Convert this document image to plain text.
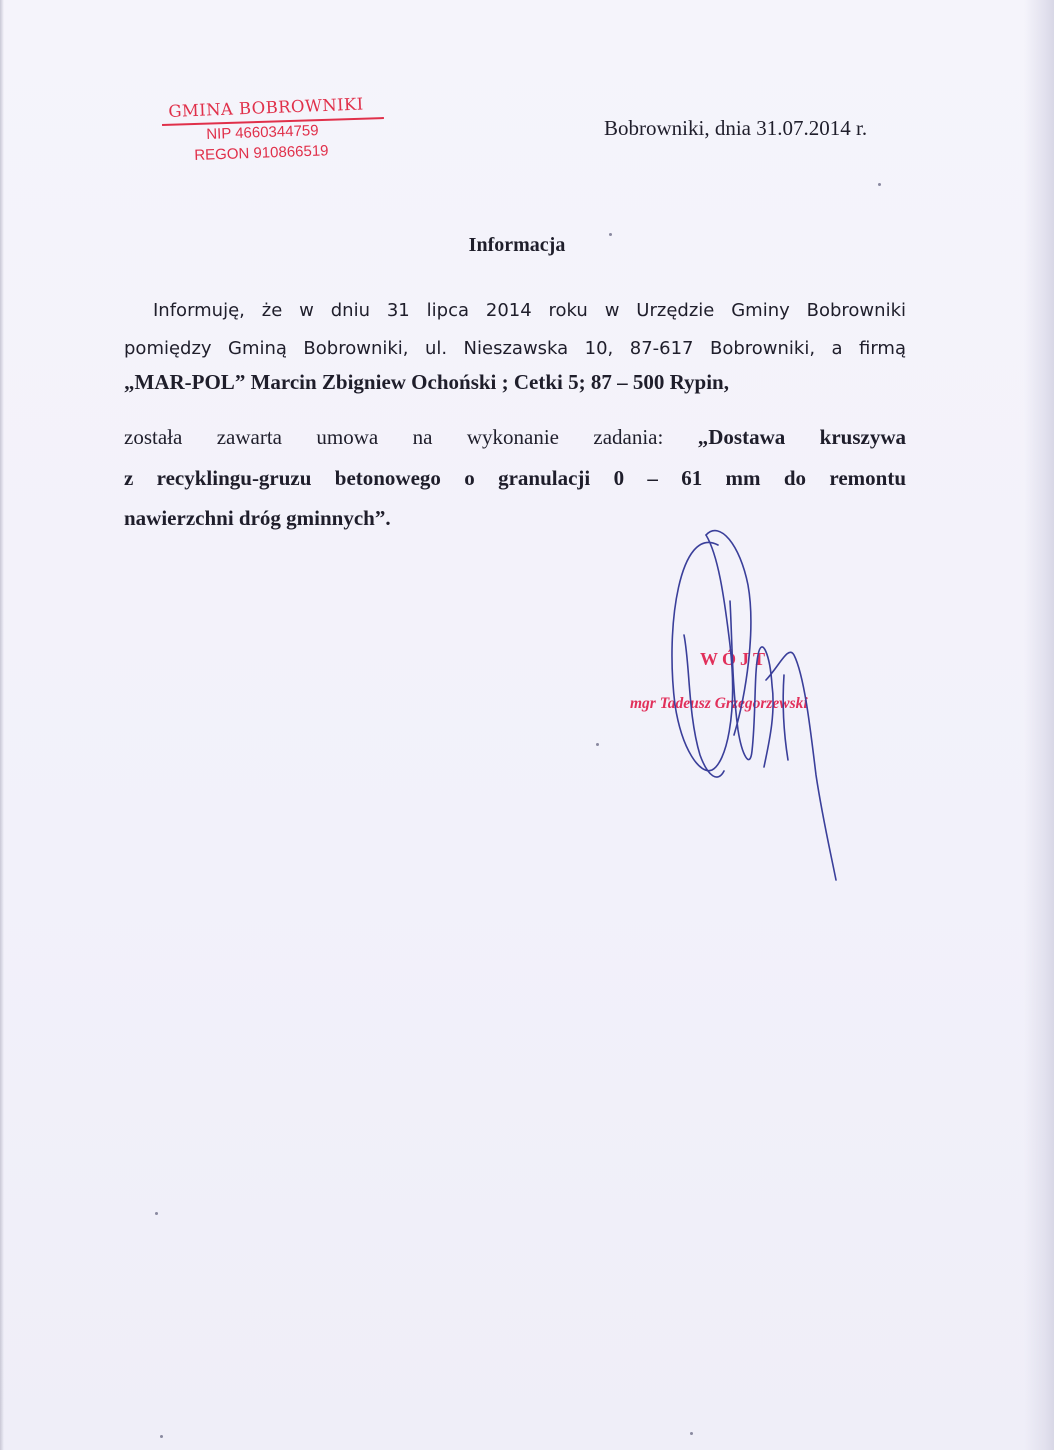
GMINA BOBROWNIKI
NIP 4660344759
REGON 910866519
Bobrowniki, dnia 31.07.2014 r.
Informacja
Informuję, że w dniu 31 lipca 2014 roku w Urzędzie Gminy Bobrowniki
pomiędzy Gminą Bobrowniki, ul. Nieszawska 10, 87-617 Bobrowniki, a firmą
„MAR-POL” Marcin Zbigniew Ochoński ; Cetki 5; 87 – 500 Rypin,
została zawarta umowa na wykonanie zadania: „Dostawa kruszywa
z recyklingu-gruzu betonowego o granulacji 0 – 61 mm do remontu
nawierzchni dróg gminnych”.
WÓJT
mgr Tadeusz Grzegorzewski
